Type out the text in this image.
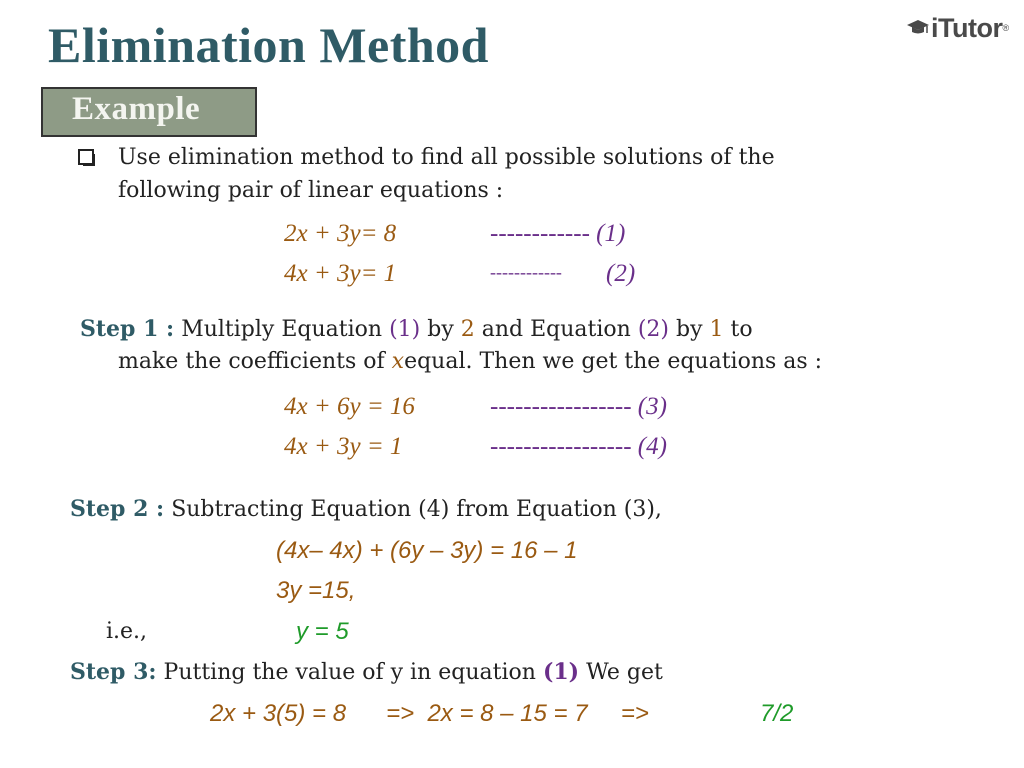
Elimination Method	iTutor ®
Example
Use elimination method to find all possible solutions of the
following pair of linear equations :
2x + 3y= 8	------------ (1)
4x + 3y= 1	------------ (2)
Step 1 : Multiply Equation (1) by 2 and Equation (2) by 1 to
make the coefficients of xequal. Then we get the equations as :
4x + 6y = 16	----------------- (3)
4x + 3y = 1	----------------- (4)
Step 2 : Subtracting Equation (4) from Equation (3),
(4x– 4x) + (6y – 3y) = 16 – 1
3y =15,
i.e.,	y = 5
Step 3: Putting the value of y in equation (1) We get
2x + 3(5) = 8      =>  2x = 8 – 15 = 7     =>	7/2
